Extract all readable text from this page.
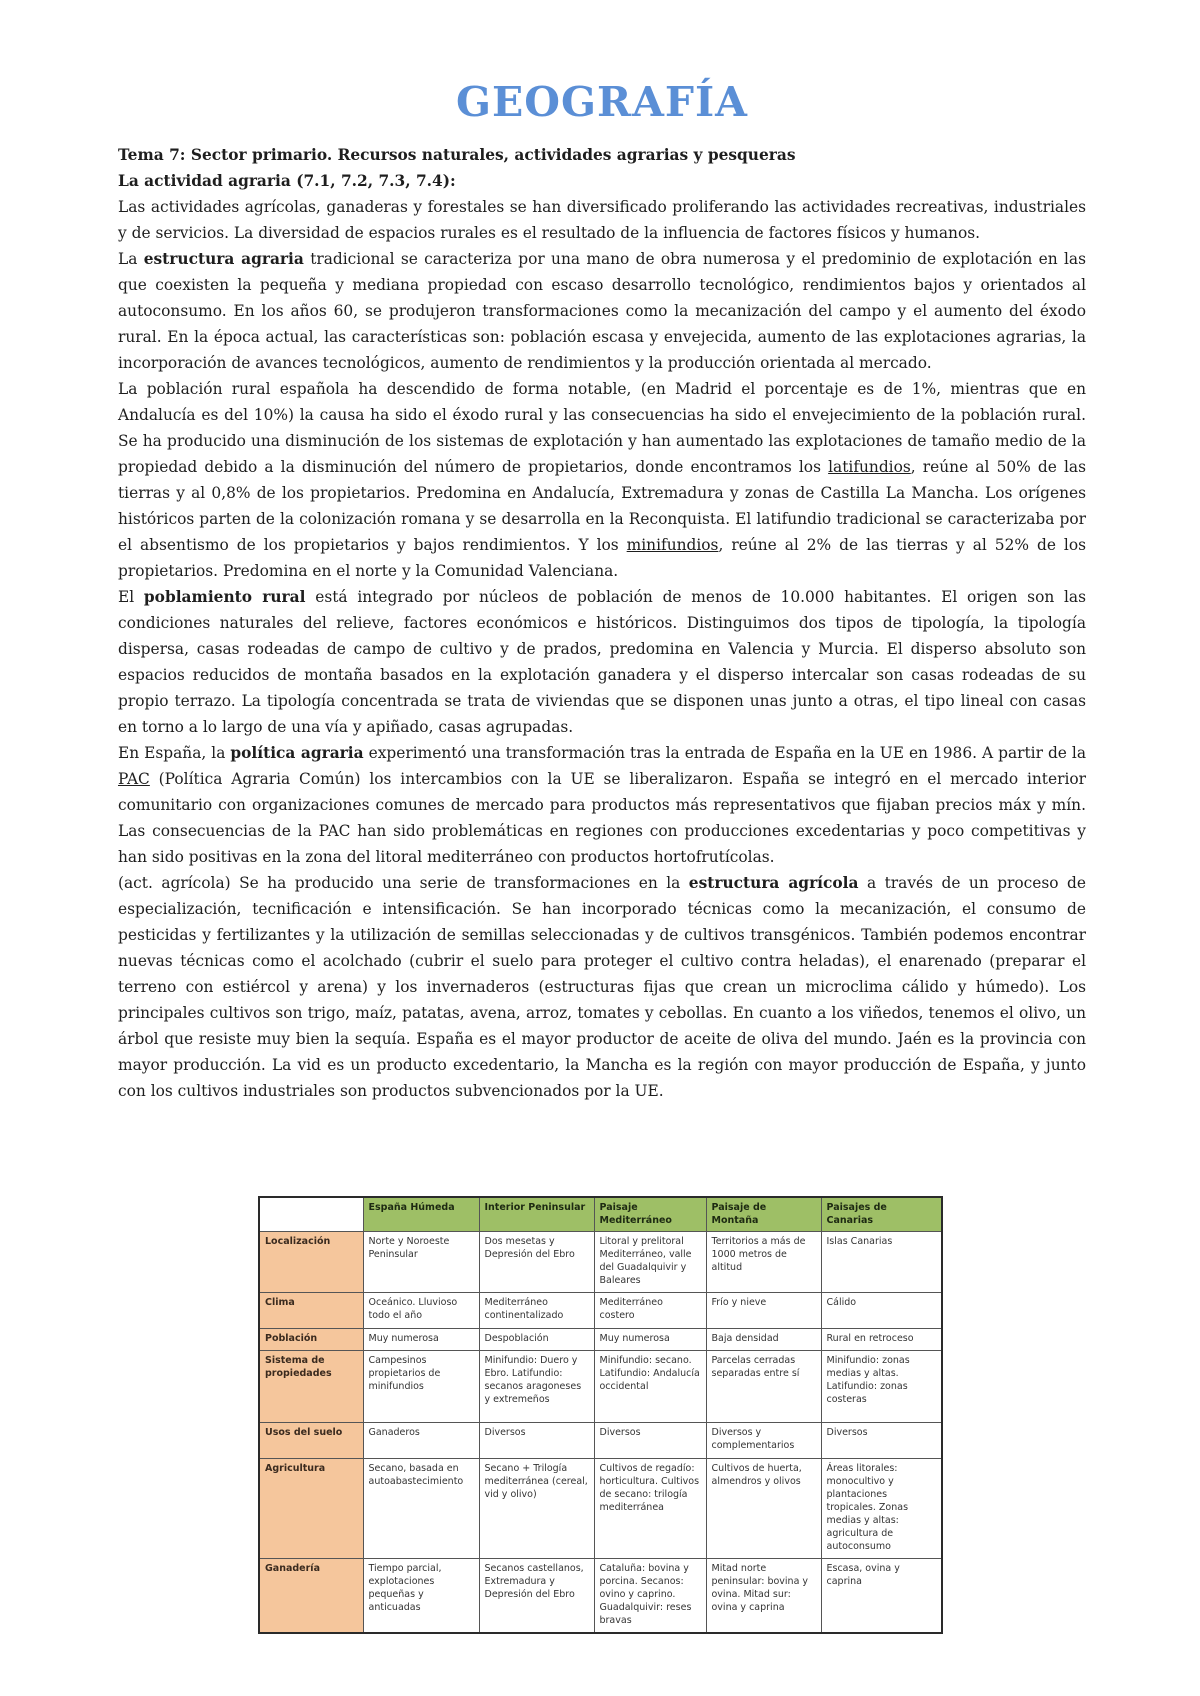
GEOGRAFÍA

Tema 7: Sector primario. Recursos naturales, actividades agrarias y pesqueras

La actividad agraria (7.1, 7.2, 7.3, 7.4):

Las actividades agrícolas, ganaderas y forestales se han diversificado proliferando las actividades recreativas, industriales y de servicios. La diversidad de espacios rurales es el resultado de la influencia de factores físicos y humanos.

La estructura agraria tradicional se caracteriza por una mano de obra numerosa y el predominio de explotación en las que coexisten la pequeña y mediana propiedad con escaso desarrollo tecnológico, rendimientos bajos y orientados al autoconsumo. En los años 60, se produjeron transformaciones como la mecanización del campo y el aumento del éxodo rural. En la época actual, las características son: población escasa y envejecida, aumento de las explotaciones agrarias, la incorporación de avances tecnológicos, aumento de rendimientos y la producción orientada al mercado.

La población rural española ha descendido de forma notable, (en Madrid el porcentaje es de 1%, mientras que en Andalucía es del 10%) la causa ha sido el éxodo rural y las consecuencias ha sido el envejecimiento de la población rural. Se ha producido una disminución de los sistemas de explotación y han aumentado las explotaciones de tamaño medio de la propiedad debido a la disminución del número de propietarios, donde encontramos los latifundios, reúne al 50% de las tierras y al 0,8% de los propietarios. Predomina en Andalucía, Extremadura y zonas de Castilla La Mancha. Los orígenes históricos parten de la colonización romana y se desarrolla en la Reconquista. El latifundio tradicional se caracterizaba por el absentismo de los propietarios y bajos rendimientos. Y los minifundios, reúne al 2% de las tierras y al 52% de los propietarios. Predomina en el norte y la Comunidad Valenciana.

El poblamiento rural está integrado por núcleos de población de menos de 10.000 habitantes. El origen son las condiciones naturales del relieve, factores económicos e históricos. Distinguimos dos tipos de tipología, la tipología dispersa, casas rodeadas de campo de cultivo y de prados, predomina en Valencia y Murcia. El disperso absoluto son espacios reducidos de montaña basados en la explotación ganadera y el disperso intercalar son casas rodeadas de su propio terrazo. La tipología concentrada se trata de viviendas que se disponen unas junto a otras, el tipo lineal con casas en torno a lo largo de una vía y apiñado, casas agrupadas.

En España, la política agraria experimentó una transformación tras la entrada de España en la UE en 1986. A partir de la PAC (Política Agraria Común) los intercambios con la UE se liberalizaron. España se integró en el mercado interior comunitario con organizaciones comunes de mercado para productos más representativos que fijaban precios máx y mín. Las consecuencias de la PAC han sido problemáticas en regiones con producciones excedentarias y poco competitivas y han sido positivas en la zona del litoral mediterráneo con productos hortofrutícolas.

(act. agrícola) Se ha producido una serie de transformaciones en la estructura agrícola a través de un proceso de especialización, tecnificación e intensificación. Se han incorporado técnicas como la mecanización, el consumo de pesticidas y fertilizantes y la utilización de semillas seleccionadas y de cultivos transgénicos. También podemos encontrar nuevas técnicas como el acolchado (cubrir el suelo para proteger el cultivo contra heladas), el enarenado (preparar el terreno con estiércol y arena) y los invernaderos (estructuras fijas que crean un microclima cálido y húmedo). Los principales cultivos son trigo, maíz, patatas, avena, arroz, tomates y cebollas. En cuanto a los viñedos, tenemos el olivo, un árbol que resiste muy bien la sequía. España es el mayor productor de aceite de oliva del mundo. Jaén es la provincia con mayor producción. La vid es un producto excedentario, la Mancha es la región con mayor producción de España, y junto con los cultivos industriales son productos subvencionados por la UE.

	España Húmeda	Interior Peninsular	Paisaje Mediterráneo	Paisaje de Montaña	Paisajes de Canarias
Localización	Norte y Noroeste Peninsular	Dos mesetas y Depresión del Ebro	Litoral y prelitoral Mediterráneo, valle del Guadalquivir y Baleares	Territorios a más de 1000 metros de altitud	Islas Canarias
Clima	Oceánico. Lluvioso todo el año	Mediterráneo continentalizado	Mediterráneo costero	Frío y nieve	Cálido
Población	Muy numerosa	Despoblación	Muy numerosa	Baja densidad	Rural en retroceso
Sistema de propiedades	Campesinos propietarios de minifundios	Minifundio: Duero y Ebro. Latifundio: secanos aragoneses y extremeños	Minifundio: secano. Latifundio: Andalucía occidental	Parcelas cerradas separadas entre sí	Minifundio: zonas medias y altas. Latifundio: zonas costeras
Usos del suelo	Ganaderos	Diversos	Diversos	Diversos y complementarios	Diversos
Agricultura	Secano, basada en autoabastecimiento	Secano + Trilogía mediterránea (cereal, vid y olivo)	Cultivos de regadío: horticultura. Cultivos de secano: trilogía mediterránea	Cultivos de huerta, almendros y olivos	Áreas litorales: monocultivo y plantaciones tropicales. Zonas medias y altas: agricultura de autoconsumo
Ganadería	Tiempo parcial, explotaciones pequeñas y anticuadas	Secanos castellanos, Extremadura y Depresión del Ebro	Cataluña: bovina y porcina. Secanos: ovino y caprino. Guadalquivir: reses bravas	Mitad norte peninsular: bovina y ovina. Mitad sur: ovina y caprina	Escasa, ovina y caprina
